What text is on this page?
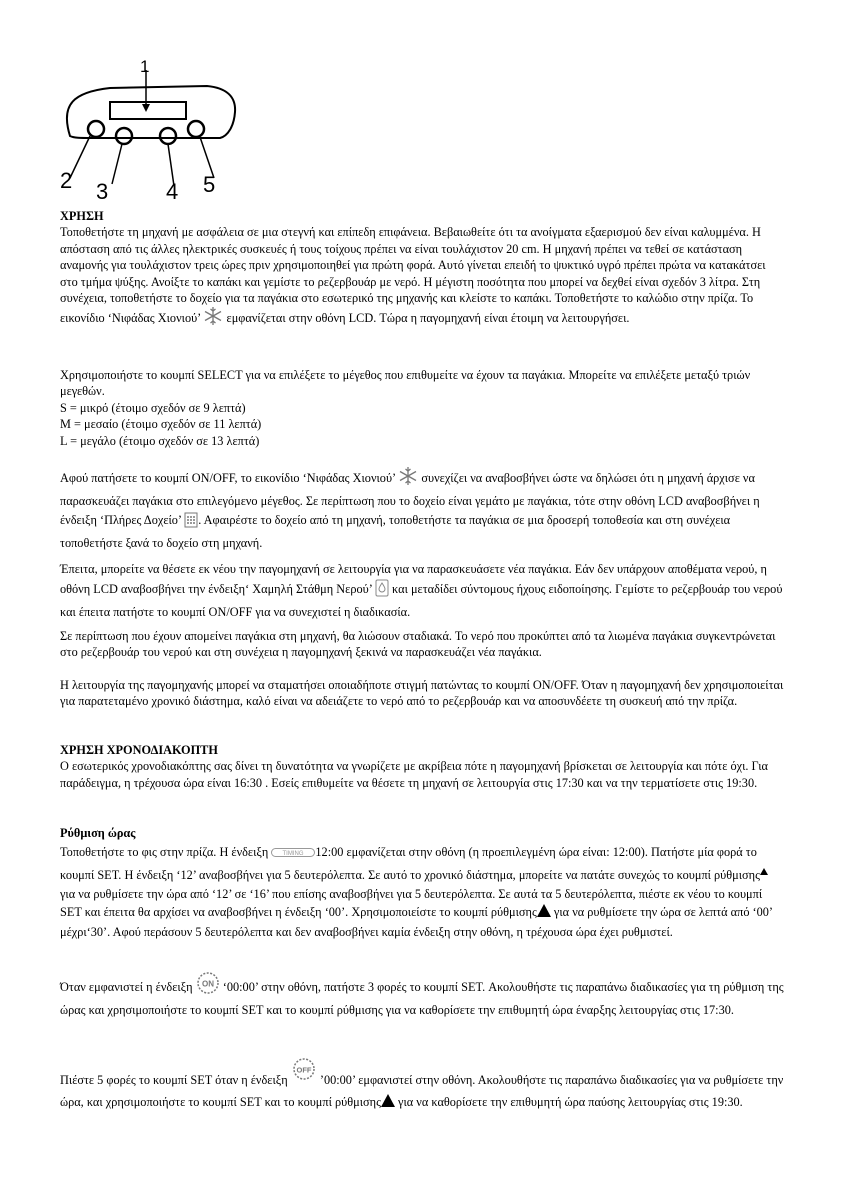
1
2 3	4 5

ΧΡΗΣΗ

Τοποθετήστε τη μηχανή με ασφάλεια σε μια στεγνή και επίπεδη επιφάνεια. Βεβαιωθείτε ότι τα ανοίγματα εξαερισμού δεν είναι καλυμμένα. Η απόσταση από τις άλλες ηλεκτρικές συσκευές ή τους τοίχους πρέπει να είναι τουλάχιστον 20 cm. Η μηχανή πρέπει να τεθεί σε κατάσταση αναμονής για τουλάχιστον τρεις ώρες πριν χρησιμοποιηθεί για πρώτη φορά. Αυτό γίνεται επειδή το ψυκτικό υγρό πρέπει πρώτα να κατακάτσει στο τμήμα ψύξης. Ανοίξτε το καπάκι και γεμίστε το ρεζερβουάρ με νερό. Η μέγιστη ποσότητα που μπορεί να δεχθεί είναι σχεδόν 3 λίτρα. Στη συνέχεια, τοποθετήστε το δοχείο για τα παγάκια στο εσωτερικό της μηχανής και κλείστε το καπάκι. Τοποθετήστε το καλώδιο στην πρίζα. Το εικονίδιο ‘Νιφάδας Χιονιού’ εμφανίζεται στην οθόνη LCD. Τώρα η παγομηχανή είναι έτοιμη να λειτουργήσει.

Χρησιμοποιήστε το κουμπί SELECT για να επιλέξετε το μέγεθος που επιθυμείτε να έχουν τα παγάκια. Μπορείτε να επιλέξετε μεταξύ τριών μεγεθών.

S = μικρό (έτοιμο σχεδόν σε 9 λεπτά)

M = μεσαίο (έτοιμο σχεδόν σε 11 λεπτά)

L = μεγάλο (έτοιμο σχεδόν σε 13 λεπτά)

Αφού πατήσετε το κουμπί ON/OFF, το εικονίδιο ‘Νιφάδας Χιονιού’ συνεχίζει να αναβοσβήνει ώστε να δηλώσει ότι η μηχανή άρχισε να παρασκευάζει παγάκια στο επιλεγόμενο μέγεθος. Σε περίπτωση που το δοχείο είναι γεμάτο με παγάκια, τότε στην οθόνη LCD αναβοσβήνει η ένδειξη ‘Πλήρες Δοχείο’ . Αφαιρέστε το δοχείο από τη μηχανή, τοποθετήστε τα παγάκια σε μια δροσερή τοποθεσία και στη συνέχεια τοποθετήστε ξανά το δοχείο στη μηχανή.

Έπειτα, μπορείτε να θέσετε εκ νέου την παγομηχανή σε λειτουργία για να παρασκευάσετε νέα παγάκια. Εάν δεν υπάρχουν αποθέματα νερού, η οθόνη LCD αναβοσβήνει την ένδειξη‘ Χαμηλή Στάθμη Νερού’ και μεταδίδει σύντομους ήχους ειδοποίησης. Γεμίστε το ρεζερβουάρ του νερού και έπειτα πατήστε το κουμπί ON/OFF για να συνεχιστεί η διαδικασία.

Σε περίπτωση που έχουν απομείνει παγάκια στη μηχανή, θα λιώσουν σταδιακά. Το νερό που προκύπτει από τα λιωμένα παγάκια συγκεντρώνεται στο ρεζερβουάρ του νερού και στη συνέχεια η παγομηχανή ξεκινά να παρασκευάζει νέα παγάκια.

Η λειτουργία της παγομηχανής μπορεί να σταματήσει οποιαδήποτε στιγμή πατώντας το κουμπί ON/OFF. Όταν η παγομηχανή δεν χρησιμοποιείται για παρατεταμένο χρονικό διάστημα, καλό είναι να αδειάζετε το νερό από το ρεζερβουάρ και να αποσυνδέετε τη συσκευή από την πρίζα.

ΧΡΗΣΗ ΧΡΟΝΟΔΙΑΚΟΠΤΗ

Ο εσωτερικός χρονοδιακόπτης σας δίνει τη δυνατότητα να γνωρίζετε με ακρίβεια πότε η παγομηχανή βρίσκεται σε λειτουργία και πότε όχι. Για παράδειγμα, η τρέχουσα ώρα είναι 16:30 . Εσείς επιθυμείτε να θέσετε τη μηχανή σε λειτουργία στις 17:30 και να την τερματίσετε στις 19:30.

Ρύθμιση ώρας

Τοποθετήστε το φις στην πρίζα. Η ένδειξη TIMING 12:00 εμφανίζεται στην οθόνη (η προεπιλεγμένη ώρα είναι: 12:00). Πατήστε μία φορά το κουμπί SET. Η ένδειξη ‘12’ αναβοσβήνει για 5 δευτερόλεπτα. Σε αυτό το χρονικό διάστημα, μπορείτε να πατάτε συνεχώς το κουμπί ρύθμισης για να ρυθμίσετε την ώρα από ‘12’ σε ‘16’ που επίσης αναβοσβήνει για 5 δευτερόλεπτα. Σε αυτά τα 5 δευτερόλεπτα, πιέστε εκ νέου το κουμπί SET και έπειτα θα αρχίσει να αναβοσβήνει η ένδειξη ‘00’. Χρησιμοποιείστε το κουμπί ρύθμισης για να ρυθμίσετε την ώρα σε λεπτά από ‘00’ μέχρι‘30’. Αφού περάσουν 5 δευτερόλεπτα και δεν αναβοσβήνει καμία ένδειξη στην οθόνη, η τρέχουσα ώρα έχει ρυθμιστεί.

Όταν εμφανιστεί η ένδειξη ON ‘00:00’ στην οθόνη, πατήστε 3 φορές το κουμπί SET. Ακολουθήστε τις παραπάνω διαδικασίες για τη ρύθμιση της ώρας και χρησιμοποιήστε το κουμπί SET και το κουμπί ρύθμισης για να καθορίσετε την επιθυμητή ώρα έναρξης λειτουργίας στις 17:30.

Πιέστε 5 φορές το κουμπί SET όταν η ένδειξη
OFF
’00:00’ εμφανιστεί στην οθόνη. Ακολουθήστε τις παραπάνω διαδικασίες για να ρυθμίσετε την ώρα, και χρησιμοποιήστε το κουμπί SET και το κουμπί ρύθμισης για να καθορίσετε την επιθυμητή ώρα παύσης λειτουργίας στις 19:30.
